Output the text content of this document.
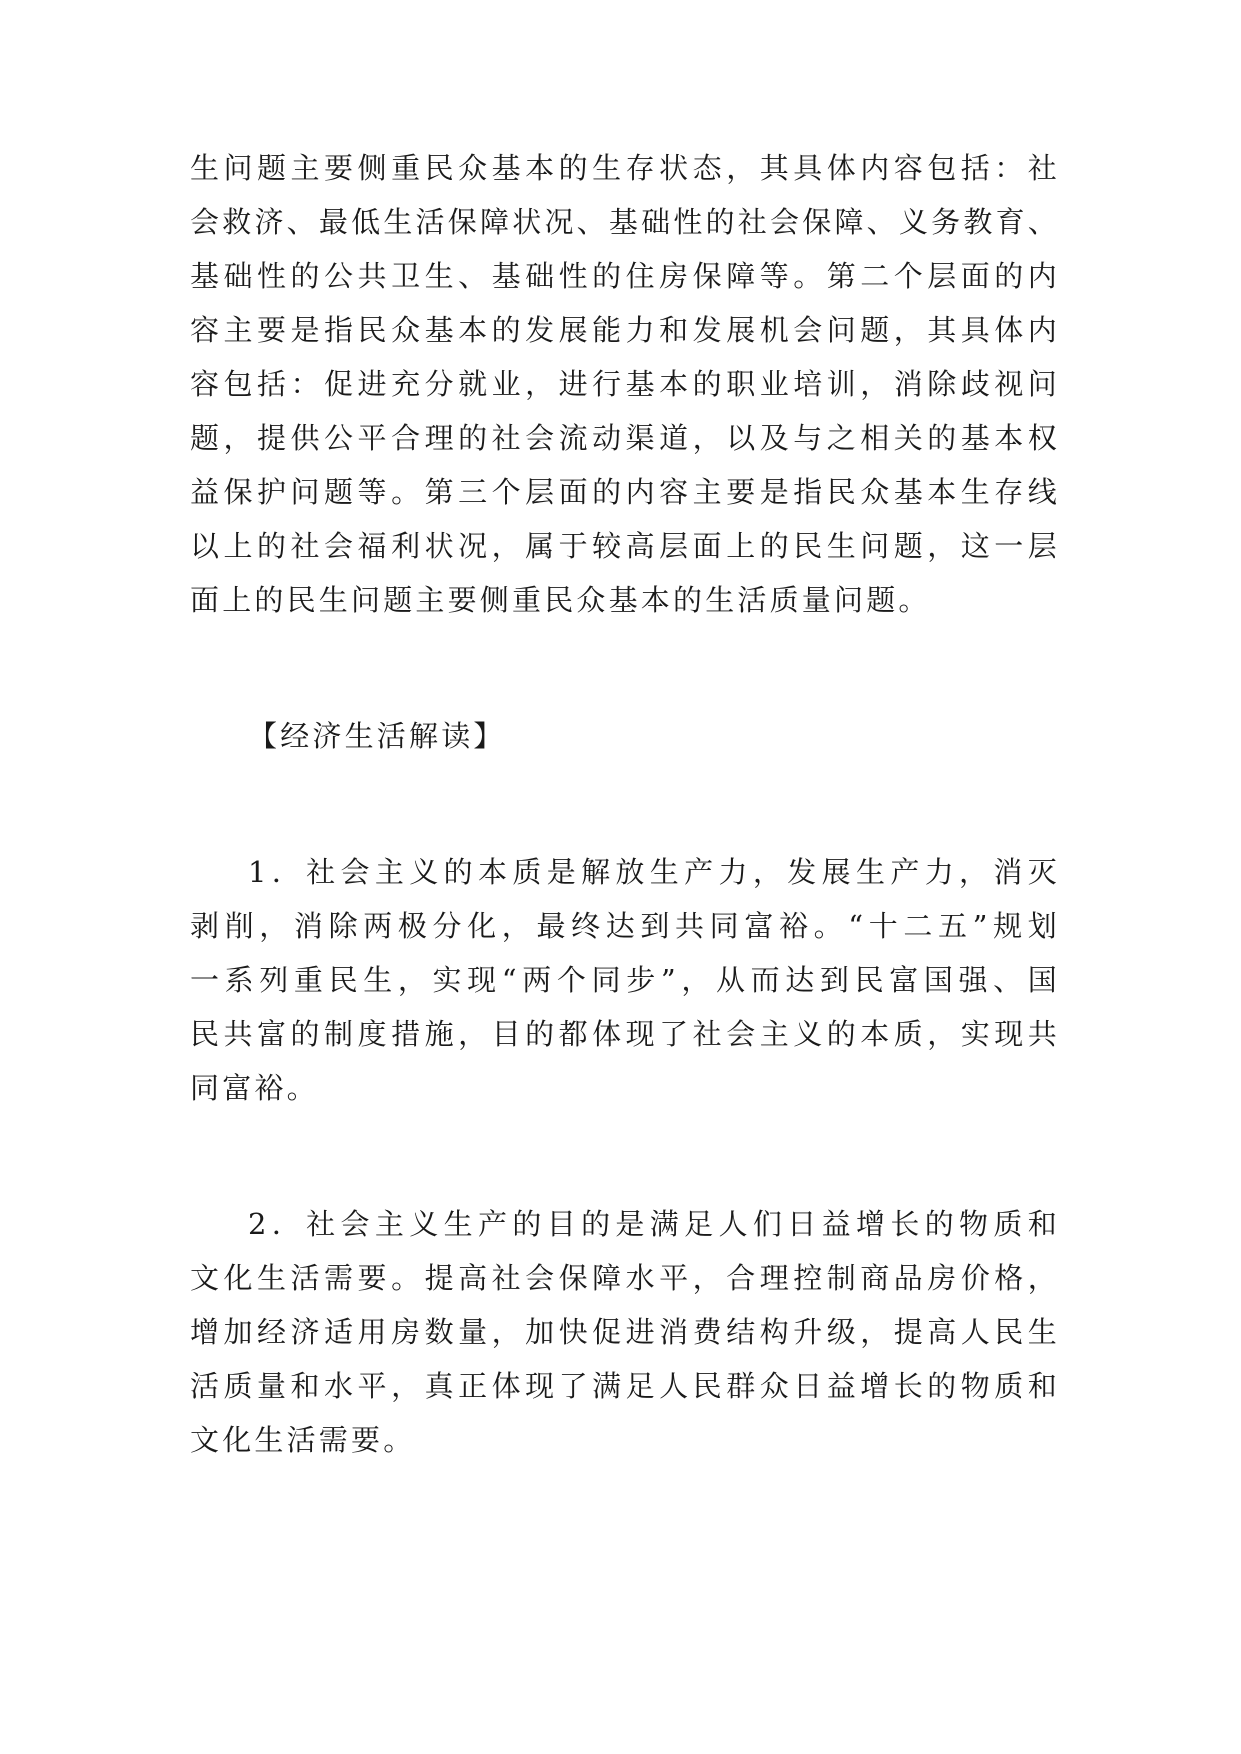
生问题主要侧重民众基本的生存状态，其具体内容包括：社
会救济、最低生活保障状况、基础性的社会保障、义务教育、
基础性的公共卫生、基础性的住房保障等。第二个层面的内
容主要是指民众基本的发展能力和发展机会问题，其具体内
容包括：促进充分就业，进行基本的职业培训，消除歧视问
题，提供公平合理的社会流动渠道，以及与之相关的基本权
益保护问题等。第三个层面的内容主要是指民众基本生存线
以上的社会福利状况，属于较高层面上的民生问题，这一层
面上的民生问题主要侧重民众基本的生活质量问题。
【经济生活解读】
1．社会主义的本质是解放生产力，发展生产力，消灭
剥削，消除两极分化，最终达到共同富裕。“十二五”规划
一系列重民生，实现“两个同步”，从而达到民富国强、国
民共富的制度措施，目的都体现了社会主义的本质，实现共
同富裕。
2．社会主义生产的目的是满足人们日益增长的物质和
文化生活需要。提高社会保障水平，合理控制商品房价格，
增加经济适用房数量，加快促进消费结构升级，提高人民生
活质量和水平，真正体现了满足人民群众日益增长的物质和
文化生活需要。
